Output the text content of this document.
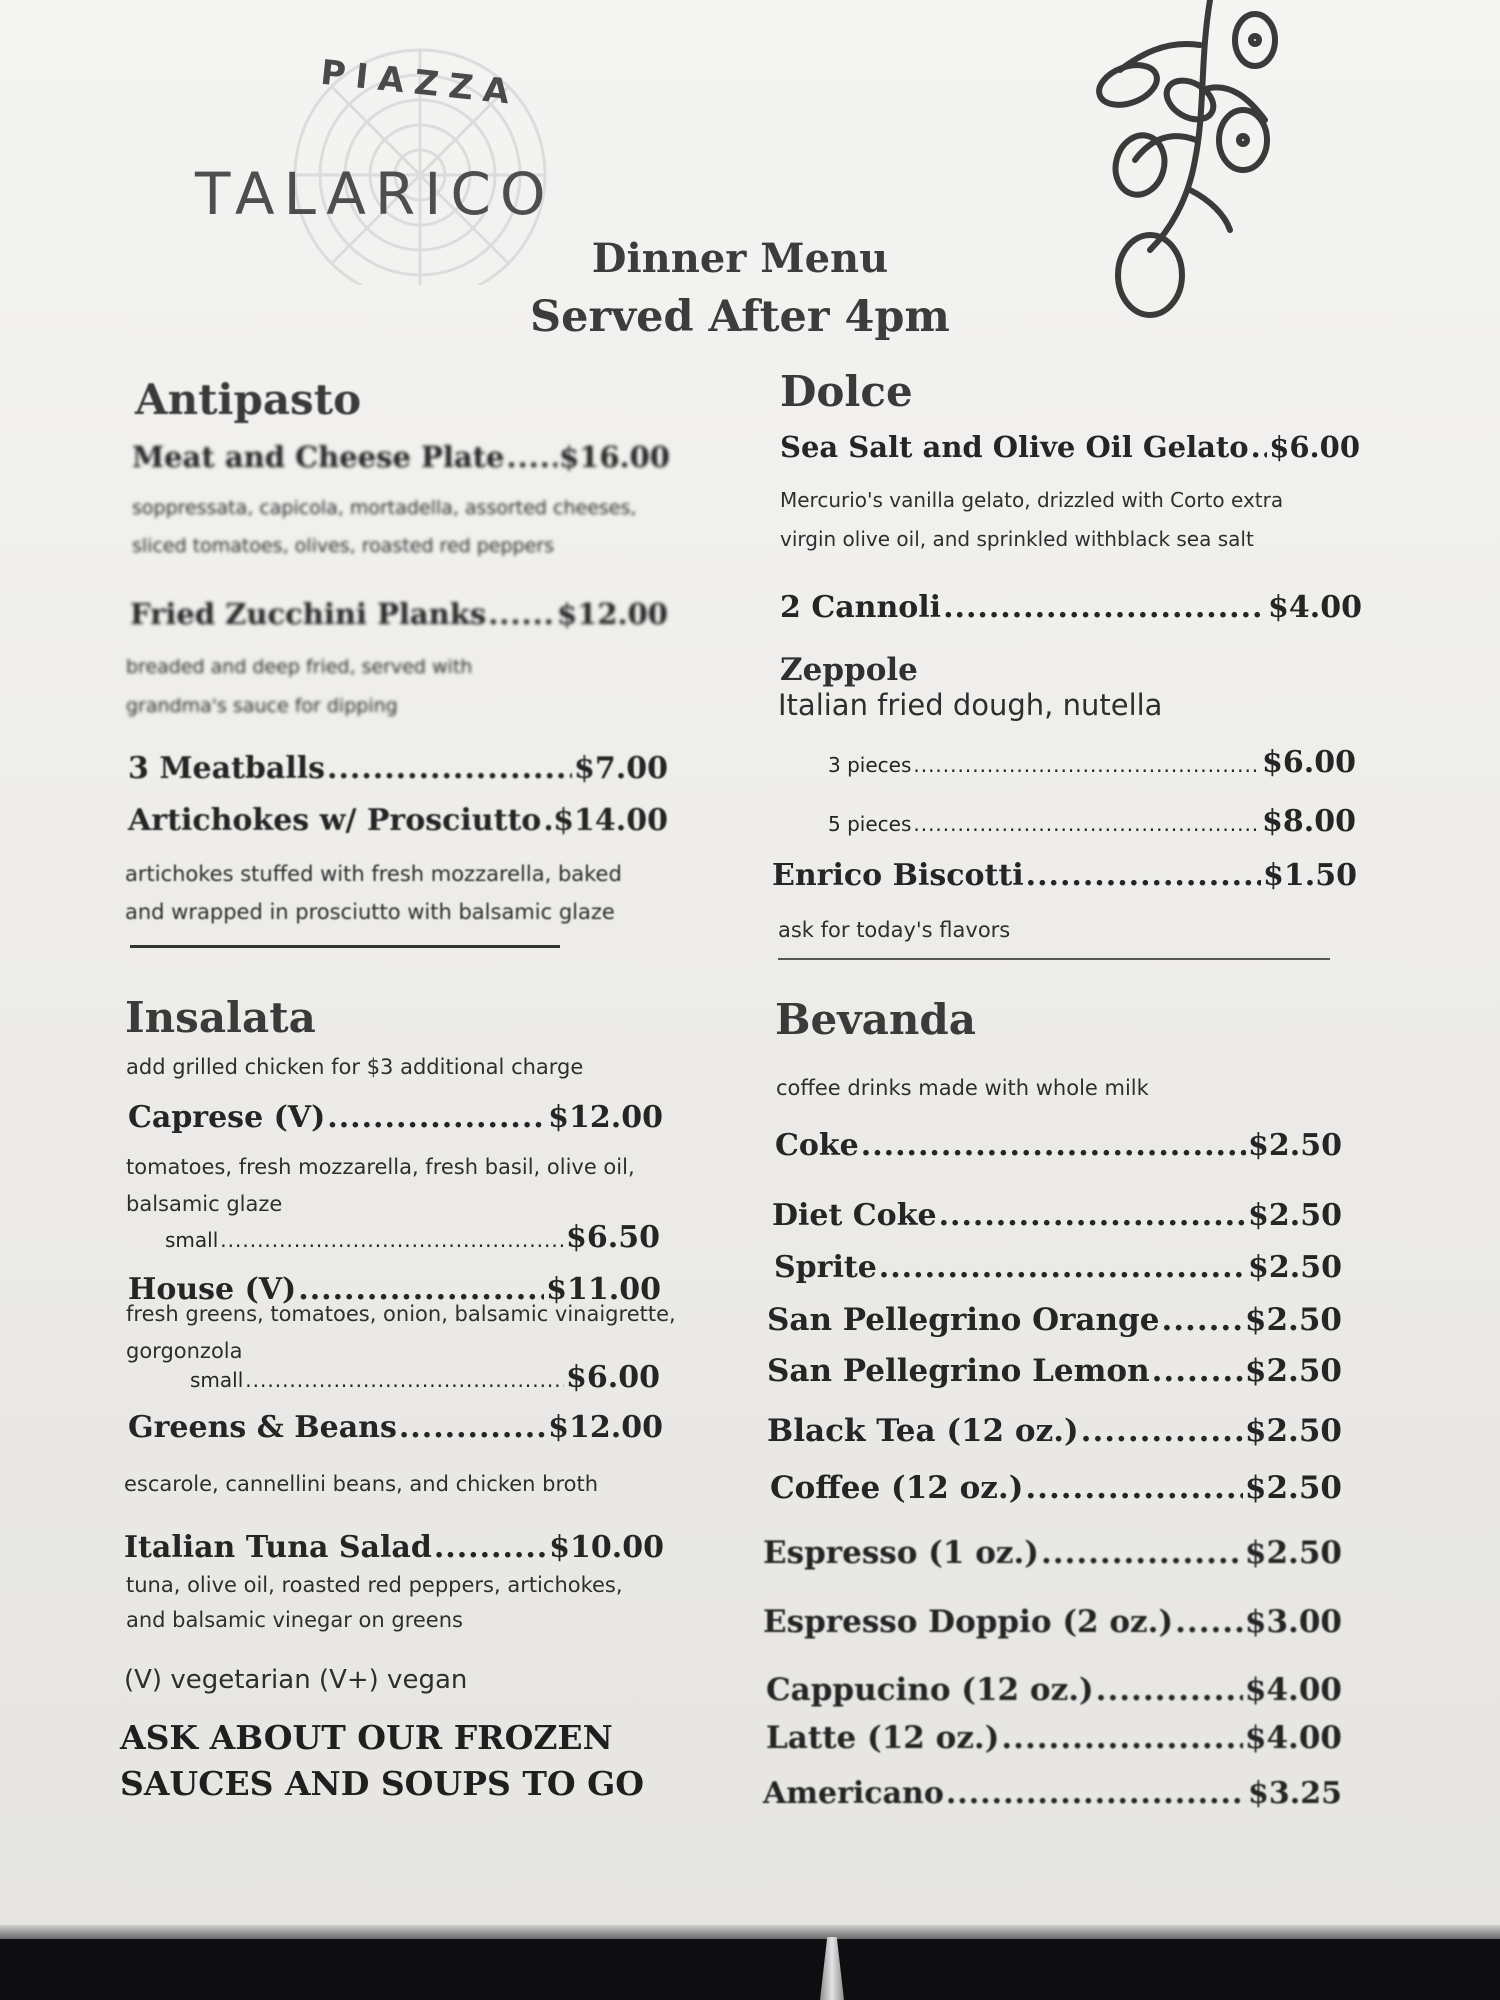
PIAZZA
TALARICO
Dinner Menu
Served After 4pm
Antipasto
Meat and Cheese Plate ..... $16.00
soppressata, capicola, mortadella, assorted cheeses,
sliced tomatoes, olives, roasted red peppers
Fried Zucchini Planks ..... $12.00
breaded and deep fried, served with
grandma's sauce for dipping
3 Meatballs .....	$7.00
Artichokes w/ Prosciutto ..... $14.00
artichokes stuffed with fresh mozzarella, baked
and wrapped in prosciutto with balsamic glaze
Insalata
add grilled chicken for $3 additional charge
Caprese (V) .....	$12.00
tomatoes, fresh mozzarella, fresh basil, olive oil,
balsamic glaze
small .....	$6.50
House (V) .....	$11.00
fresh greens, tomatoes, onion, balsamic vinaigrette,
gorgonzola
small .....	$6.00
Greens & Beans .....	$12.00
escarole, cannellini beans, and chicken broth
Italian Tuna Salad .....	$10.00
tuna, olive oil, roasted red peppers, artichokes,
and balsamic vinegar on greens
(V) vegetarian (V+) vegan
ASK ABOUT OUR FROZEN
SAUCES AND SOUPS TO GO
Dolce
Sea Salt and Olive Oil Gelato ..... $6.00
Mercurio's vanilla gelato, drizzled with Corto extra
virgin olive oil, and sprinkled withblack sea salt
2 Cannoli .....	$4.00
Zeppole
Italian fried dough, nutella
3 pieces .....	$6.00
5 pieces .....	$8.00
Enrico Biscotti .....	$1.50
ask for today's flavors
Bevanda
coffee drinks made with whole milk
Coke .....	$2.50
Diet Coke .....	$2.50
Sprite .....	$2.50
San Pellegrino Orange .....	$2.50
San Pellegrino Lemon .....	$2.50
Black Tea (12 oz.) .....	$2.50
Coffee (12 oz.) .....	$2.50
Espresso (1 oz.) .....	$2.50
Espresso Doppio (2 oz.) ..... $3.00
Cappucino (12 oz.) .....	$4.00
Latte (12 oz.) .....	$4.00
Americano .....	$3.25
